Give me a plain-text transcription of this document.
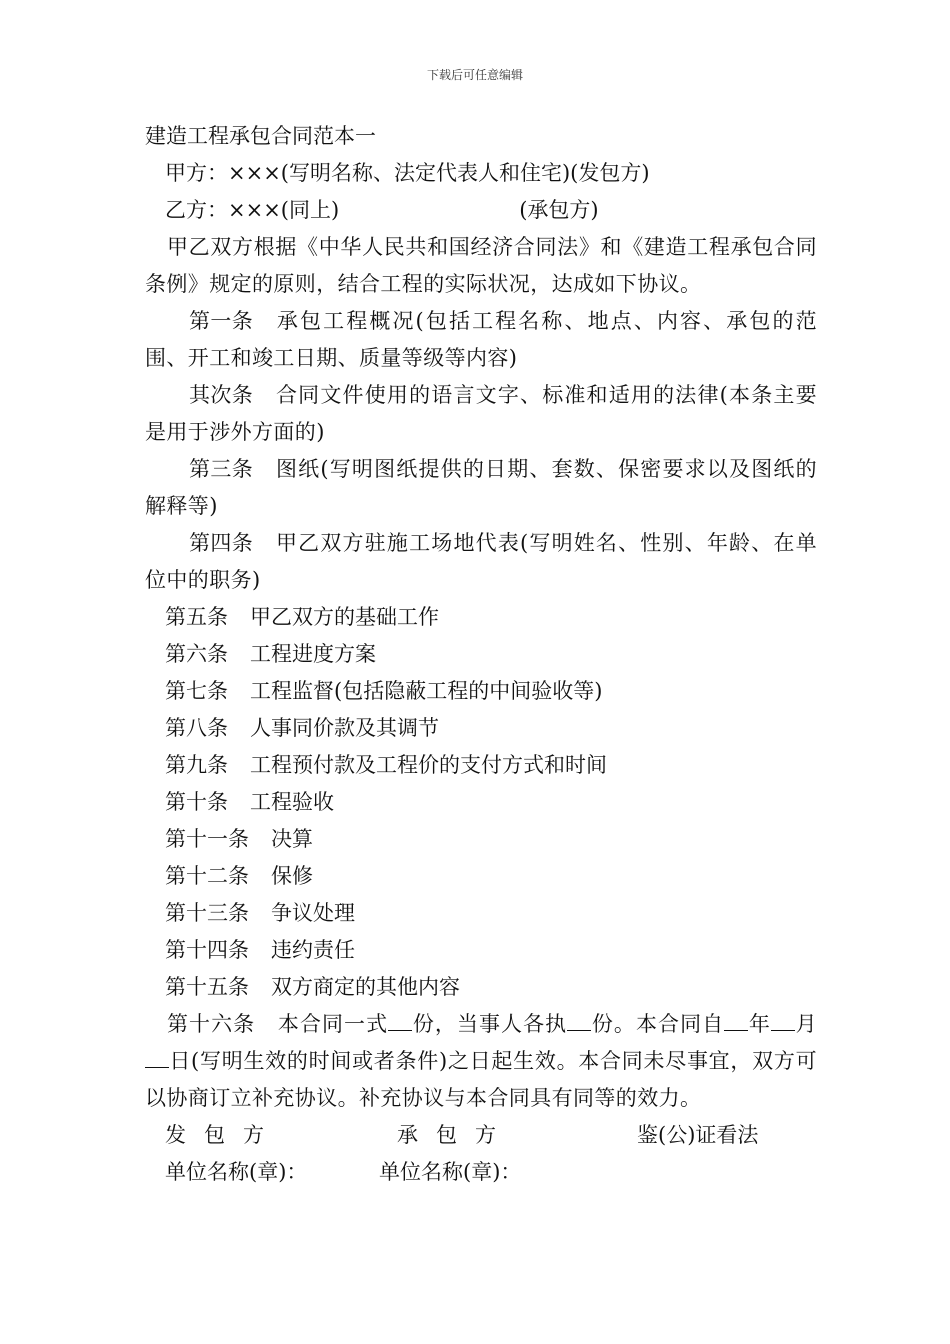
下载后可任意编辑
建造工程承包合同范本一
甲方：×××(写明名称、法定代表人和住宅)(发包方)
乙方：×××(同上)	(承包方)
甲乙双方根据《中华人民共和国经济合同法》和《建造工程承包合同条例》规定的原则，结合工程的实际状况，达成如下协议。
第一条 承包工程概况(包括工程名称、地点、内容、承包的范围、开工和竣工日期、质量等级等内容)
其次条 合同文件使用的语言文字、标准和适用的法律(本条主要是用于涉外方面的)
第三条 图纸(写明图纸提供的日期、套数、保密要求以及图纸的解释等)
第四条 甲乙双方驻施工场地代表(写明姓名、性别、年龄、在单位中的职务)
第五条 甲乙双方的基础工作
第六条 工程进度方案
第七条 工程监督(包括隐蔽工程的中间验收等)
第八条 人事同价款及其调节
第九条 工程预付款及工程价的支付方式和时间
第十条 工程验收
第十一条 决算
第十二条 保修
第十三条 争议处理
第十四条 违约责任
第十五条 双方商定的其他内容
第十六条 本合同一式 份，当事人各执 份。本合同自 年 月日(写明生效的时间或者条件)之日起生效。本合同未尽事宜，双方可以协商订立补充协议。补充协议与本合同具有同等的效力。
发包方	承包方	鉴(公)证看法
单位名称(章)：	单位名称(章)：
